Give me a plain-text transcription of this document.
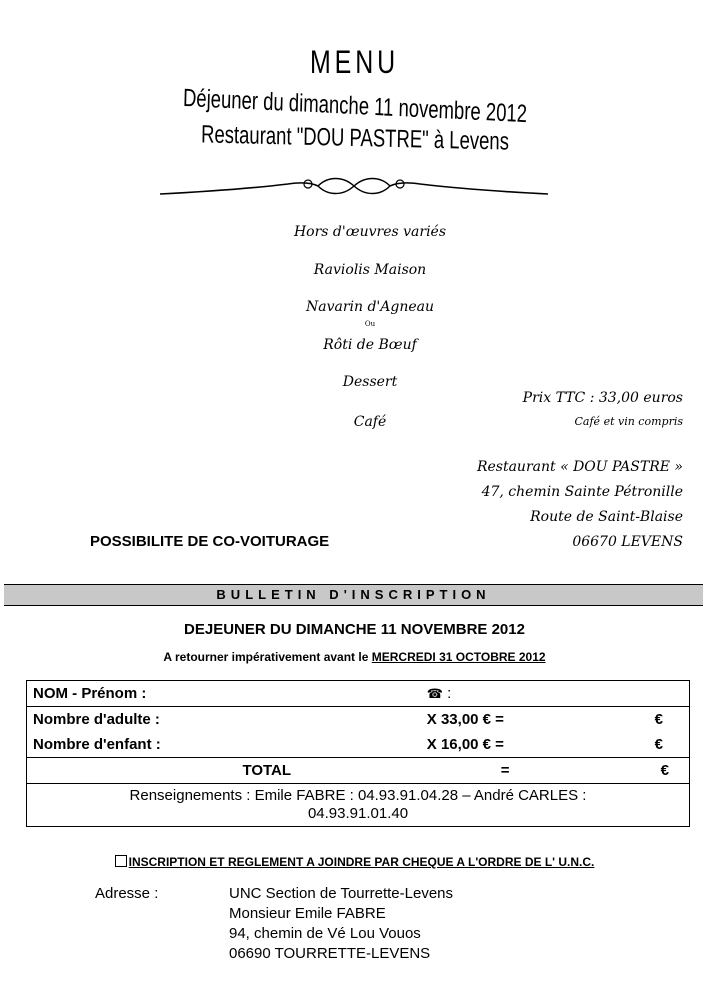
MENU
Déjeuner du dimanche 11 novembre 2012
Restaurant "DOU PASTRE" à Levens
Hors d'œuvres variés
Raviolis Maison
Navarin d'Agneau
Ou
Rôti de Bœuf
Dessert
Café
Prix TTC : 33,00 euros
Café et vin compris
Restaurant « DOU PASTRE »
47, chemin Sainte Pétronille
Route de Saint-Blaise
06670 LEVENS
POSSIBILITE DE CO-VOITURAGE
BULLETIN D'INSCRIPTION
DEJEUNER DU DIMANCHE 11 NOVEMBRE 2012
A retourner impérativement avant le MERCREDI 31 OCTOBRE 2012
NOM - Prénom :		☎ :	
Nombre d'adulte :		X 33,00 € =	€
Nombre d'enfant :		X 16,00 € =	€
TOTAL		=	€

Renseignements : Emile FABRE : 04.93.91.04.28 – André CARLES :
04.93.91.01.40			
INSCRIPTION ET REGLEMENT A JOINDRE PAR CHEQUE A L'ORDRE DE L' U.N.C.
Adresse :	UNC Section de Tourrette-Levens
Monsieur Emile FABRE
94, chemin de Vé Lou Vouos
06690 TOURRETTE-LEVENS
